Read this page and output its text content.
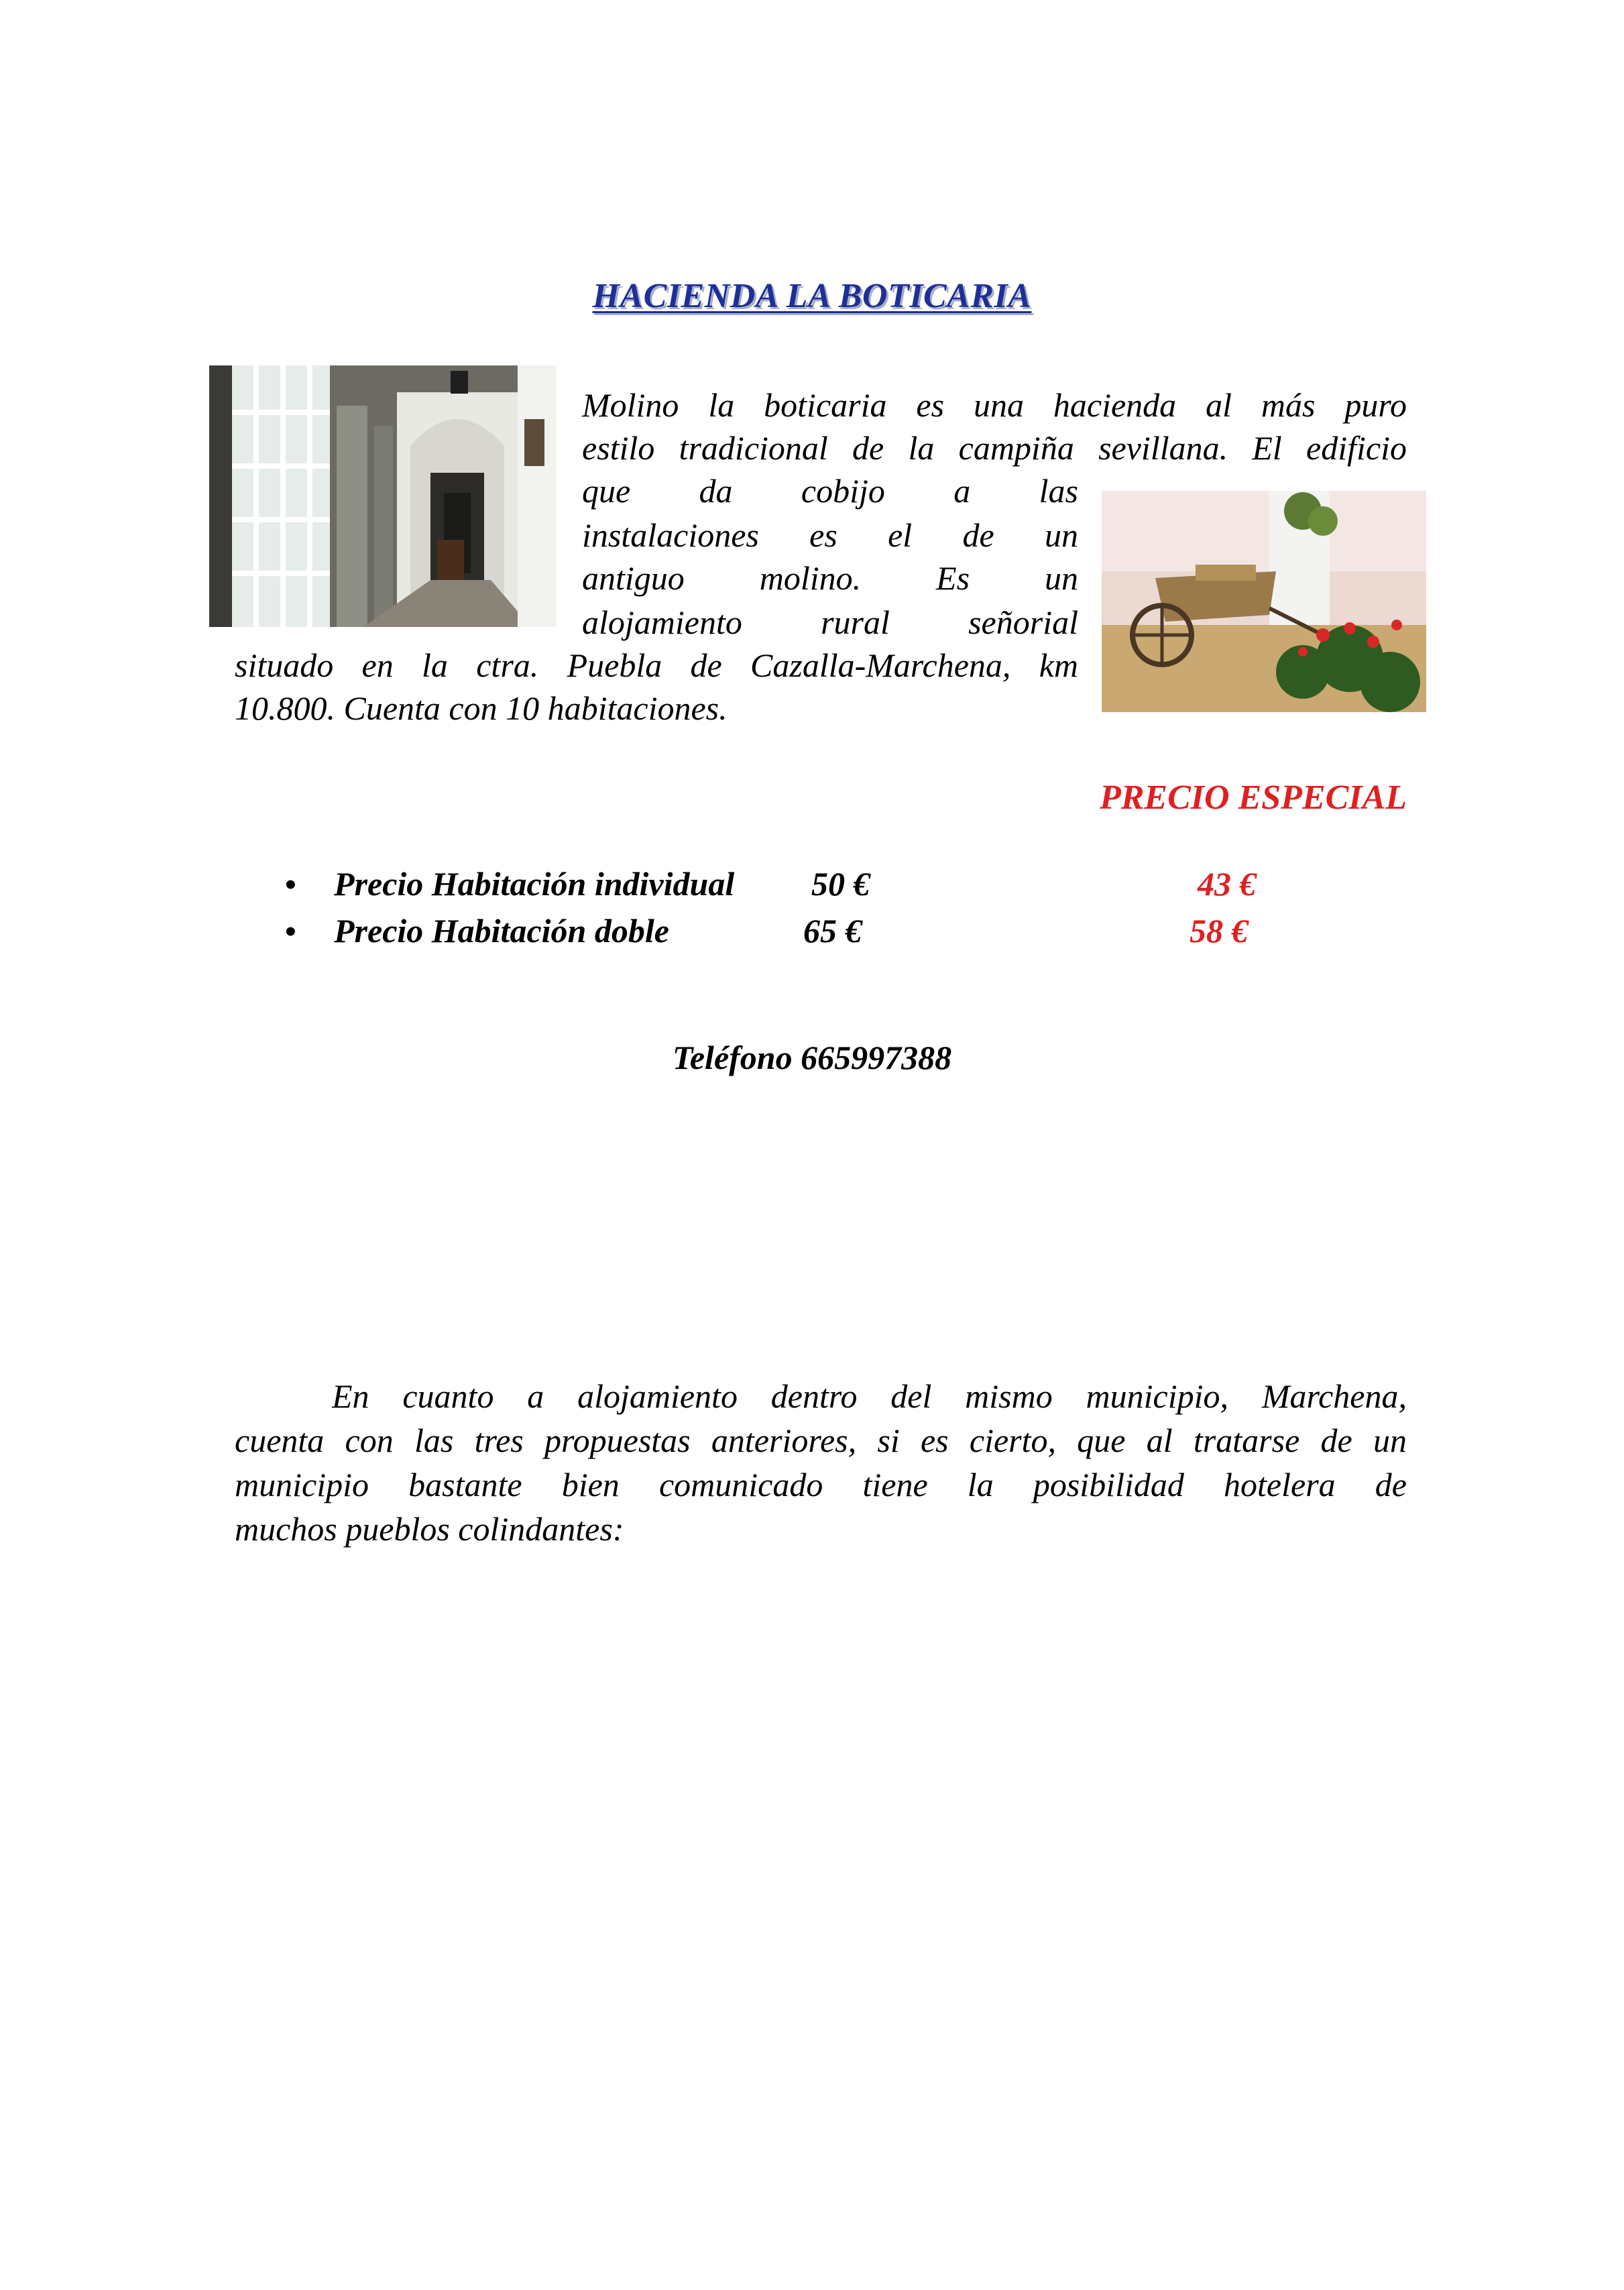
HACIENDA LA BOTICARIA
Molino la boticaria es una hacienda al más puro
estilo tradicional de la campiña sevillana. El edificio
que da cobijo a las
instalaciones es el de un
antiguo molino. Es un
alojamiento rural señorial
situado en la ctra. Puebla de Cazalla-Marchena, km
10.800. Cuenta con 10 habitaciones.
PRECIO ESPECIAL
• Precio Habitación individual 50 €	43 €
• Precio Habitación doble	65 €	58 €
Teléfono 665997388
En cuanto a alojamiento dentro del mismo municipio, Marchena,
cuenta con las tres propuestas anteriores, si es cierto, que al tratarse de un
municipio bastante bien comunicado tiene la posibilidad hotelera de
muchos pueblos colindantes:
